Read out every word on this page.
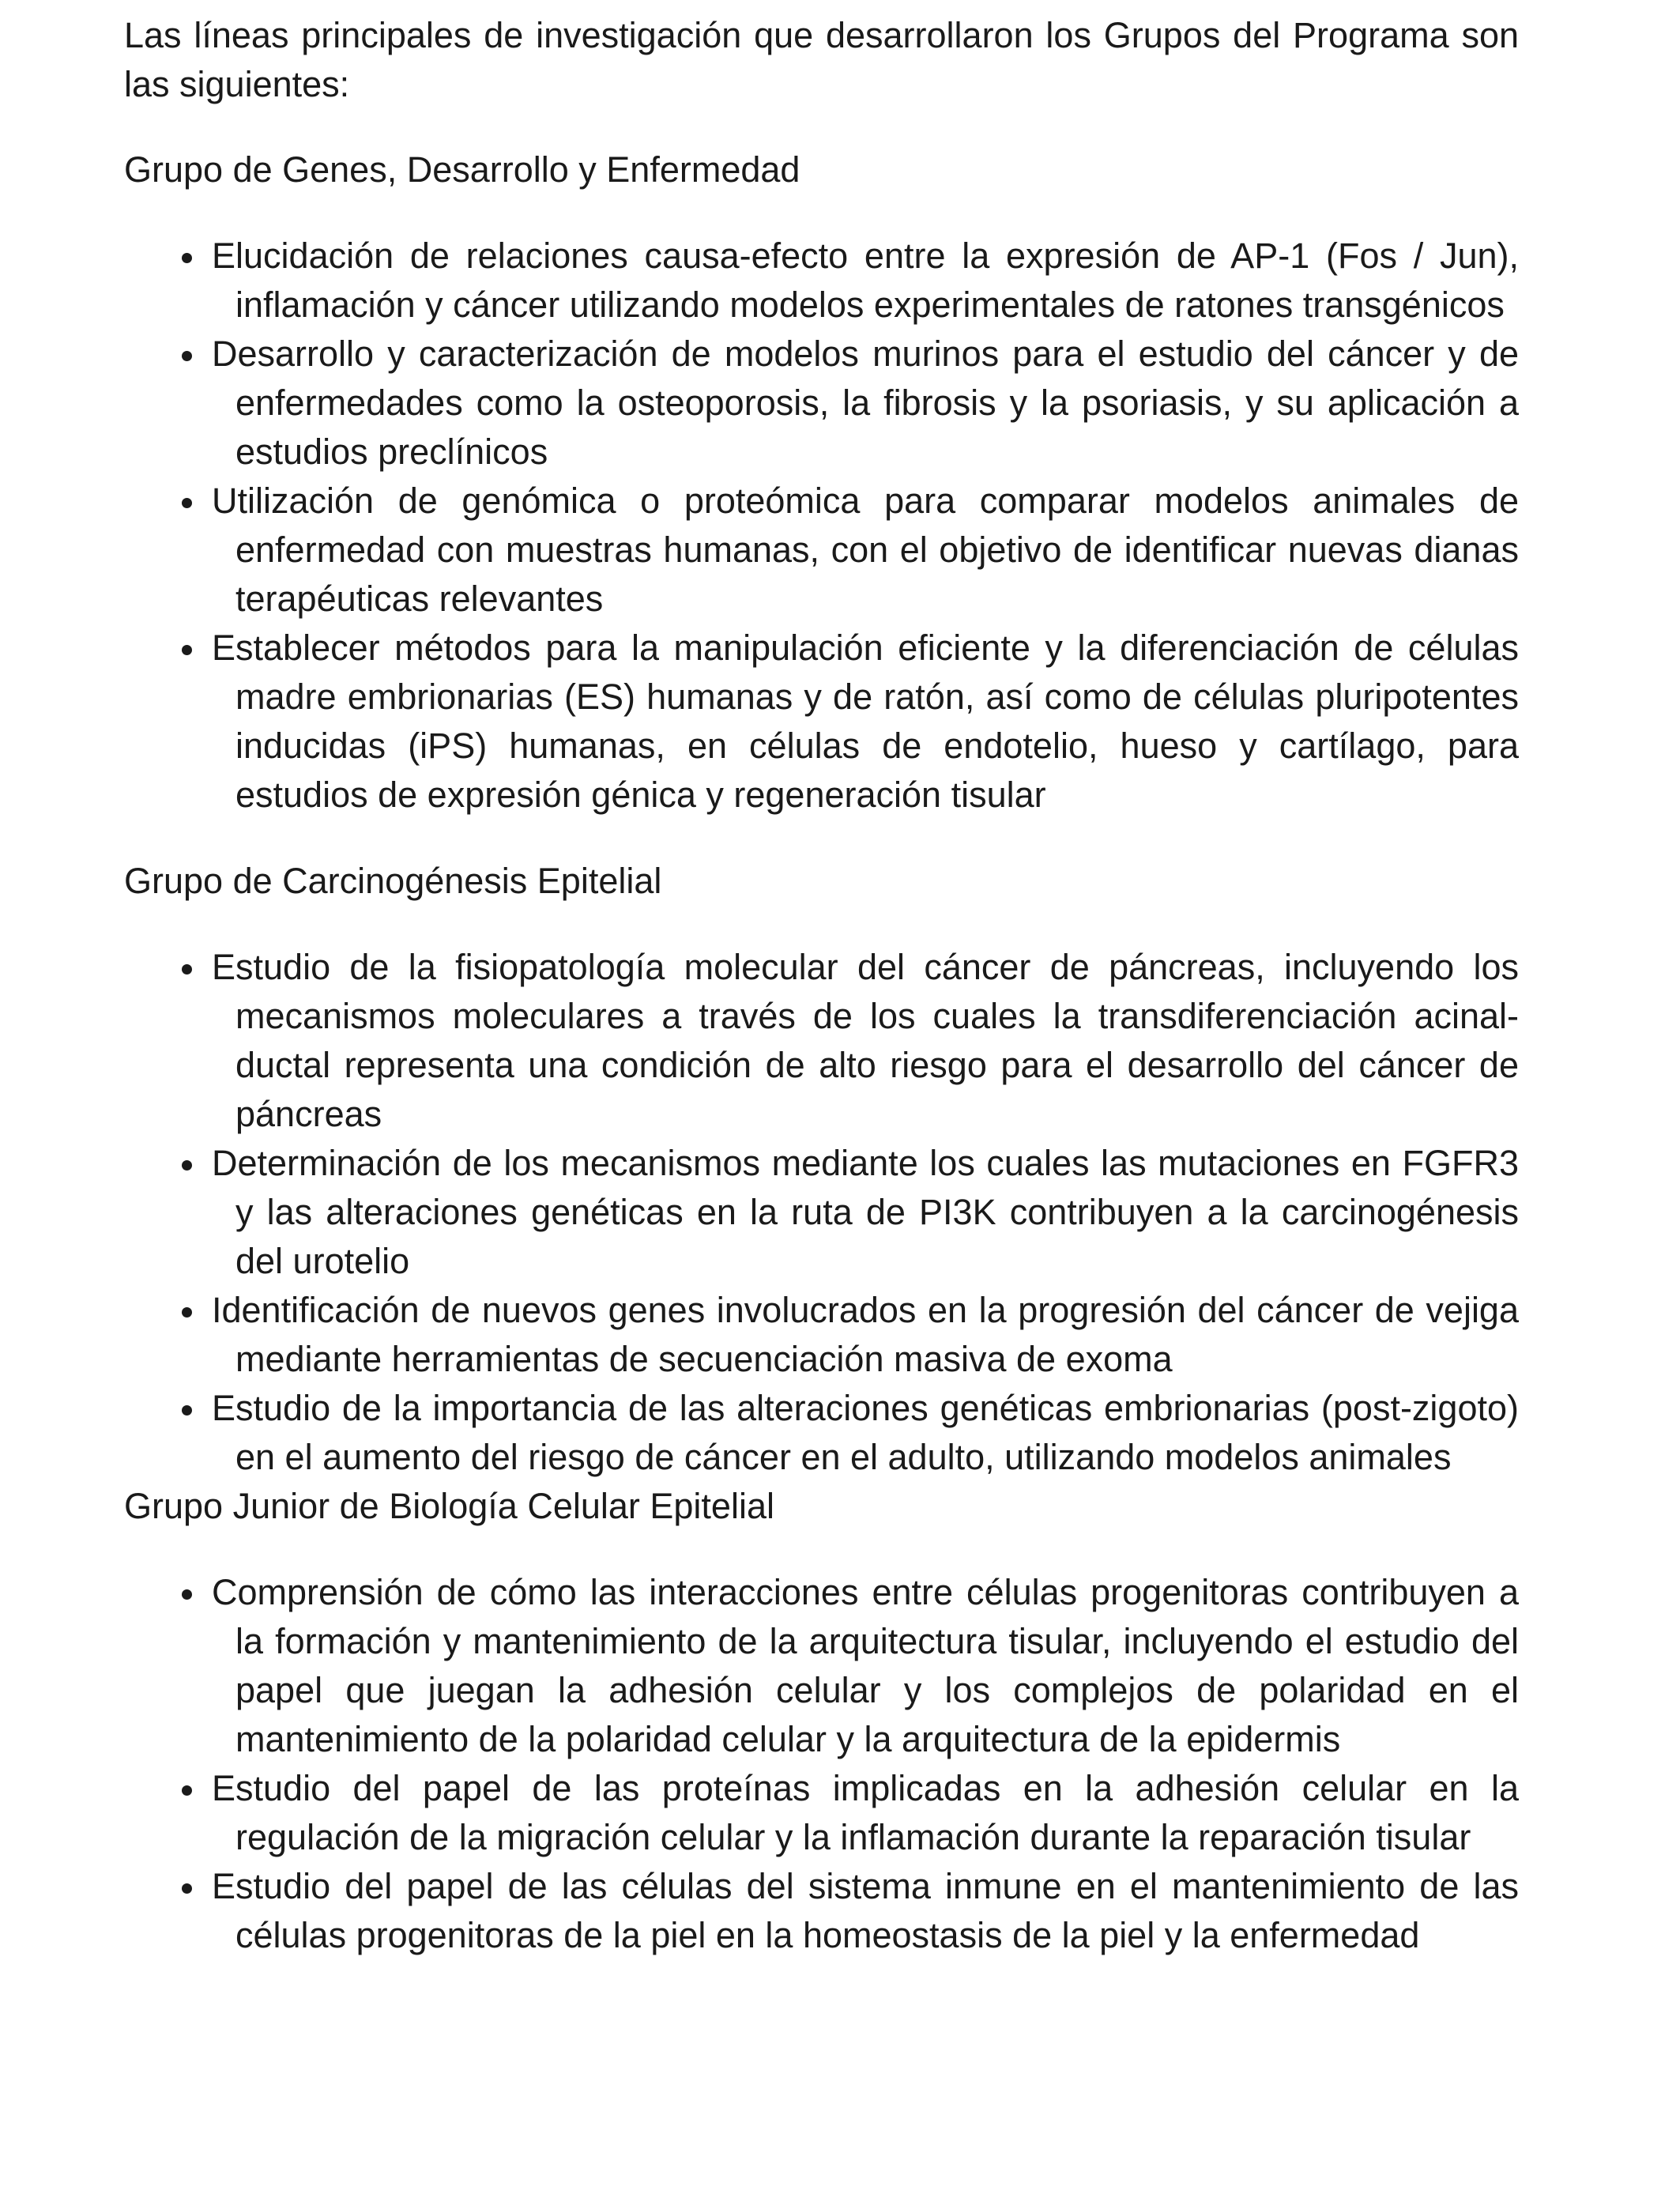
Las líneas principales de investigación que desarrollaron los Grupos del Programa son las siguientes:

Grupo de Genes, Desarrollo y Enfermedad

Elucidación de relaciones causa-efecto entre la expresión de AP-1 (Fos / Jun), inflamación y cáncer utilizando modelos experimentales de ratones transgénicos
Desarrollo y caracterización de modelos murinos para el estudio del cáncer y de enfermedades como la osteoporosis, la fibrosis y la psoriasis, y su aplicación a estudios preclínicos
Utilización de genómica o proteómica para comparar modelos animales de enfermedad con muestras humanas, con el objetivo de identificar nuevas dianas terapéuticas relevantes
Establecer métodos para la manipulación eficiente y la diferenciación de células madre embrionarias (ES) humanas y de ratón, así como de células pluripotentes inducidas (iPS) humanas, en células de endotelio, hueso y cartílago, para estudios de expresión génica y regeneración tisular

Grupo de Carcinogénesis Epitelial

Estudio de la fisiopatología molecular del cáncer de páncreas, incluyendo los mecanismos moleculares a través de los cuales la transdiferenciación acinal-ductal representa una condición de alto riesgo para el desarrollo del cáncer de páncreas
Determinación de los mecanismos mediante los cuales las mutaciones en FGFR3 y las alteraciones genéticas en la ruta de PI3K contribuyen a la carcinogénesis del urotelio
Identificación de nuevos genes involucrados en la progresión del cáncer de vejiga mediante herramientas de secuenciación masiva de exoma
Estudio de la importancia de las alteraciones genéticas embrionarias (post-zigoto) en el aumento del riesgo de cáncer en el adulto, utilizando modelos animales

Grupo Junior de Biología Celular Epitelial

Comprensión de cómo las interacciones entre células progenitoras contribuyen a la formación y mantenimiento de la arquitectura tisular, incluyendo el estudio del papel que juegan la adhesión celular y los complejos de polaridad en el mantenimiento de la polaridad celular y la arquitectura de la epidermis
Estudio del papel de las proteínas implicadas en la adhesión celular en la regulación de la migración celular y la inflamación durante la reparación tisular
Estudio del papel de las células del sistema inmune en el mantenimiento de las células progenitoras de la piel en la homeostasis de la piel y la enfermedad
